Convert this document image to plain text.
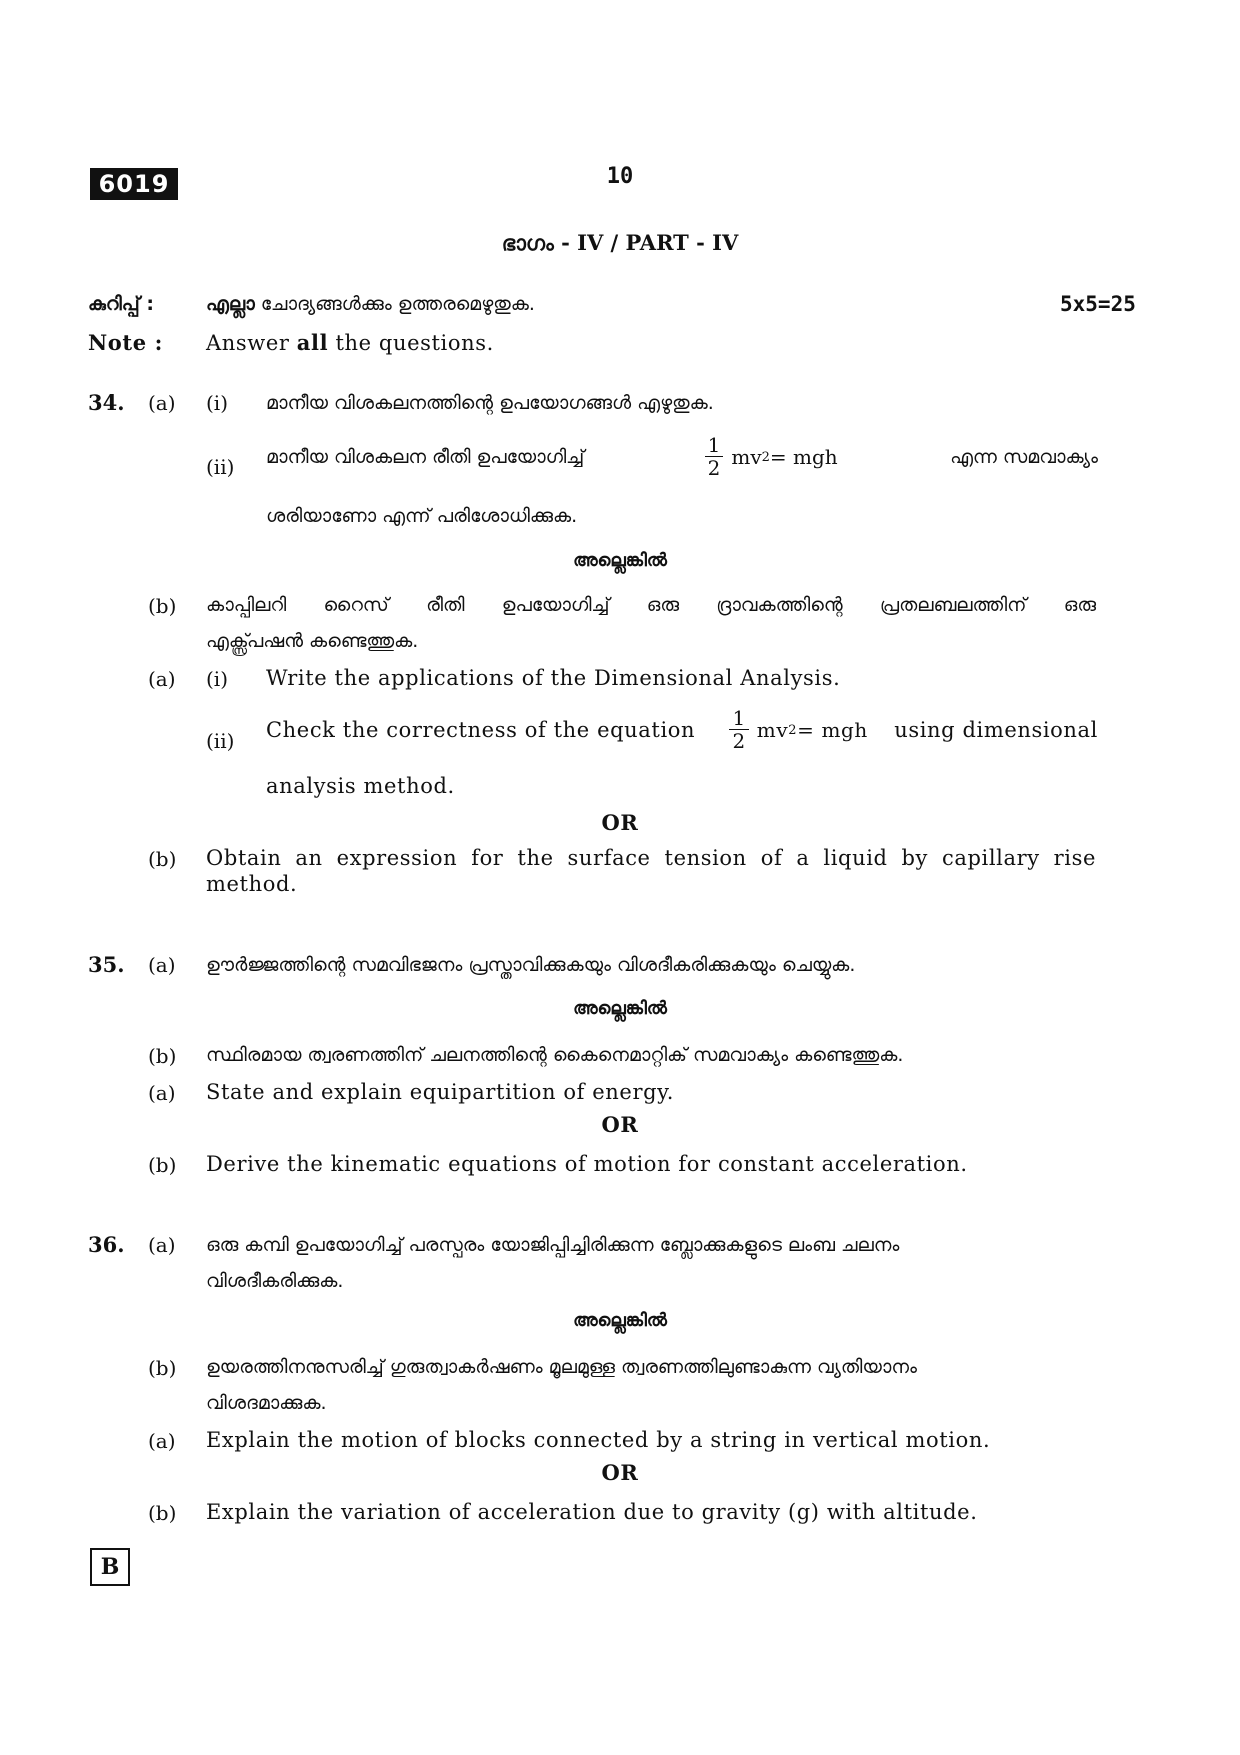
6019	10
ഭാഗം - IV / PART - IV
കുറിപ്പ് :	എല്ലാ ചോദ്യങ്ങൾക്കും ഉത്തരമെഴുതുക.	5x5=25
Note : Answer all the questions.
34. (a) (i) മാനീയ വിശകലനത്തിന്റെ ഉപയോഗങ്ങൾ എഴുതുക.
(ii) മാനീയ വിശകലന രീതി ഉപയോഗിച്ച്	$\frac{1}{2}$ mv 2 = mgh	എന്ന സമവാക്യം
ശരിയാണോ എന്ന് പരിശോധിക്കുക.
അല്ലെങ്കിൽ
(b) കാപ്പിലറി റൈസ് രീതി ഉപയോഗിച്ച് ഒരു ദ്രാവകത്തിന്റെ പ്രതലബലത്തിന് ഒരു
എക്സ്പ്രഷൻ കണ്ടെത്തുക.
(a) (i) Write the applications of the Dimensional Analysis.
(ii) Check the correctness of the equation $\frac{1}{2}$ mv 2 = mgh using dimensional
analysis method.
OR
(b) Obtain an expression for the surface tension of a liquid by capillary rise
method.
35. (a) ഊർജ്ജത്തിന്റെ സമവിഭജനം പ്രസ്താവിക്കുകയും വിശദീകരിക്കുകയും ചെയ്യുക.
അല്ലെങ്കിൽ
(b) സ്ഥിരമായ ത്വരണത്തിന് ചലനത്തിന്റെ കൈനെമാറ്റിക് സമവാക്യം കണ്ടെത്തുക.
(a) State and explain equipartition of energy.
OR
(b) Derive the kinematic equations of motion for constant acceleration.
36. (a) ഒരു കമ്പി ഉപയോഗിച്ച് പരസ്പരം യോജിപ്പിച്ചിരിക്കുന്ന ബ്ലോക്കുകളുടെ ലംബ ചലനം
വിശദീകരിക്കുക.
അല്ലെങ്കിൽ
(b) ഉയരത്തിനനുസരിച്ച് ഗുരുത്വാകർഷണം മൂലമുള്ള ത്വരണത്തിലുണ്ടാകുന്ന വ്യതിയാനം
വിശദമാക്കുക.
(a) Explain the motion of blocks connected by a string in vertical motion.
OR
(b) Explain the variation of acceleration due to gravity (g) with altitude.
B
